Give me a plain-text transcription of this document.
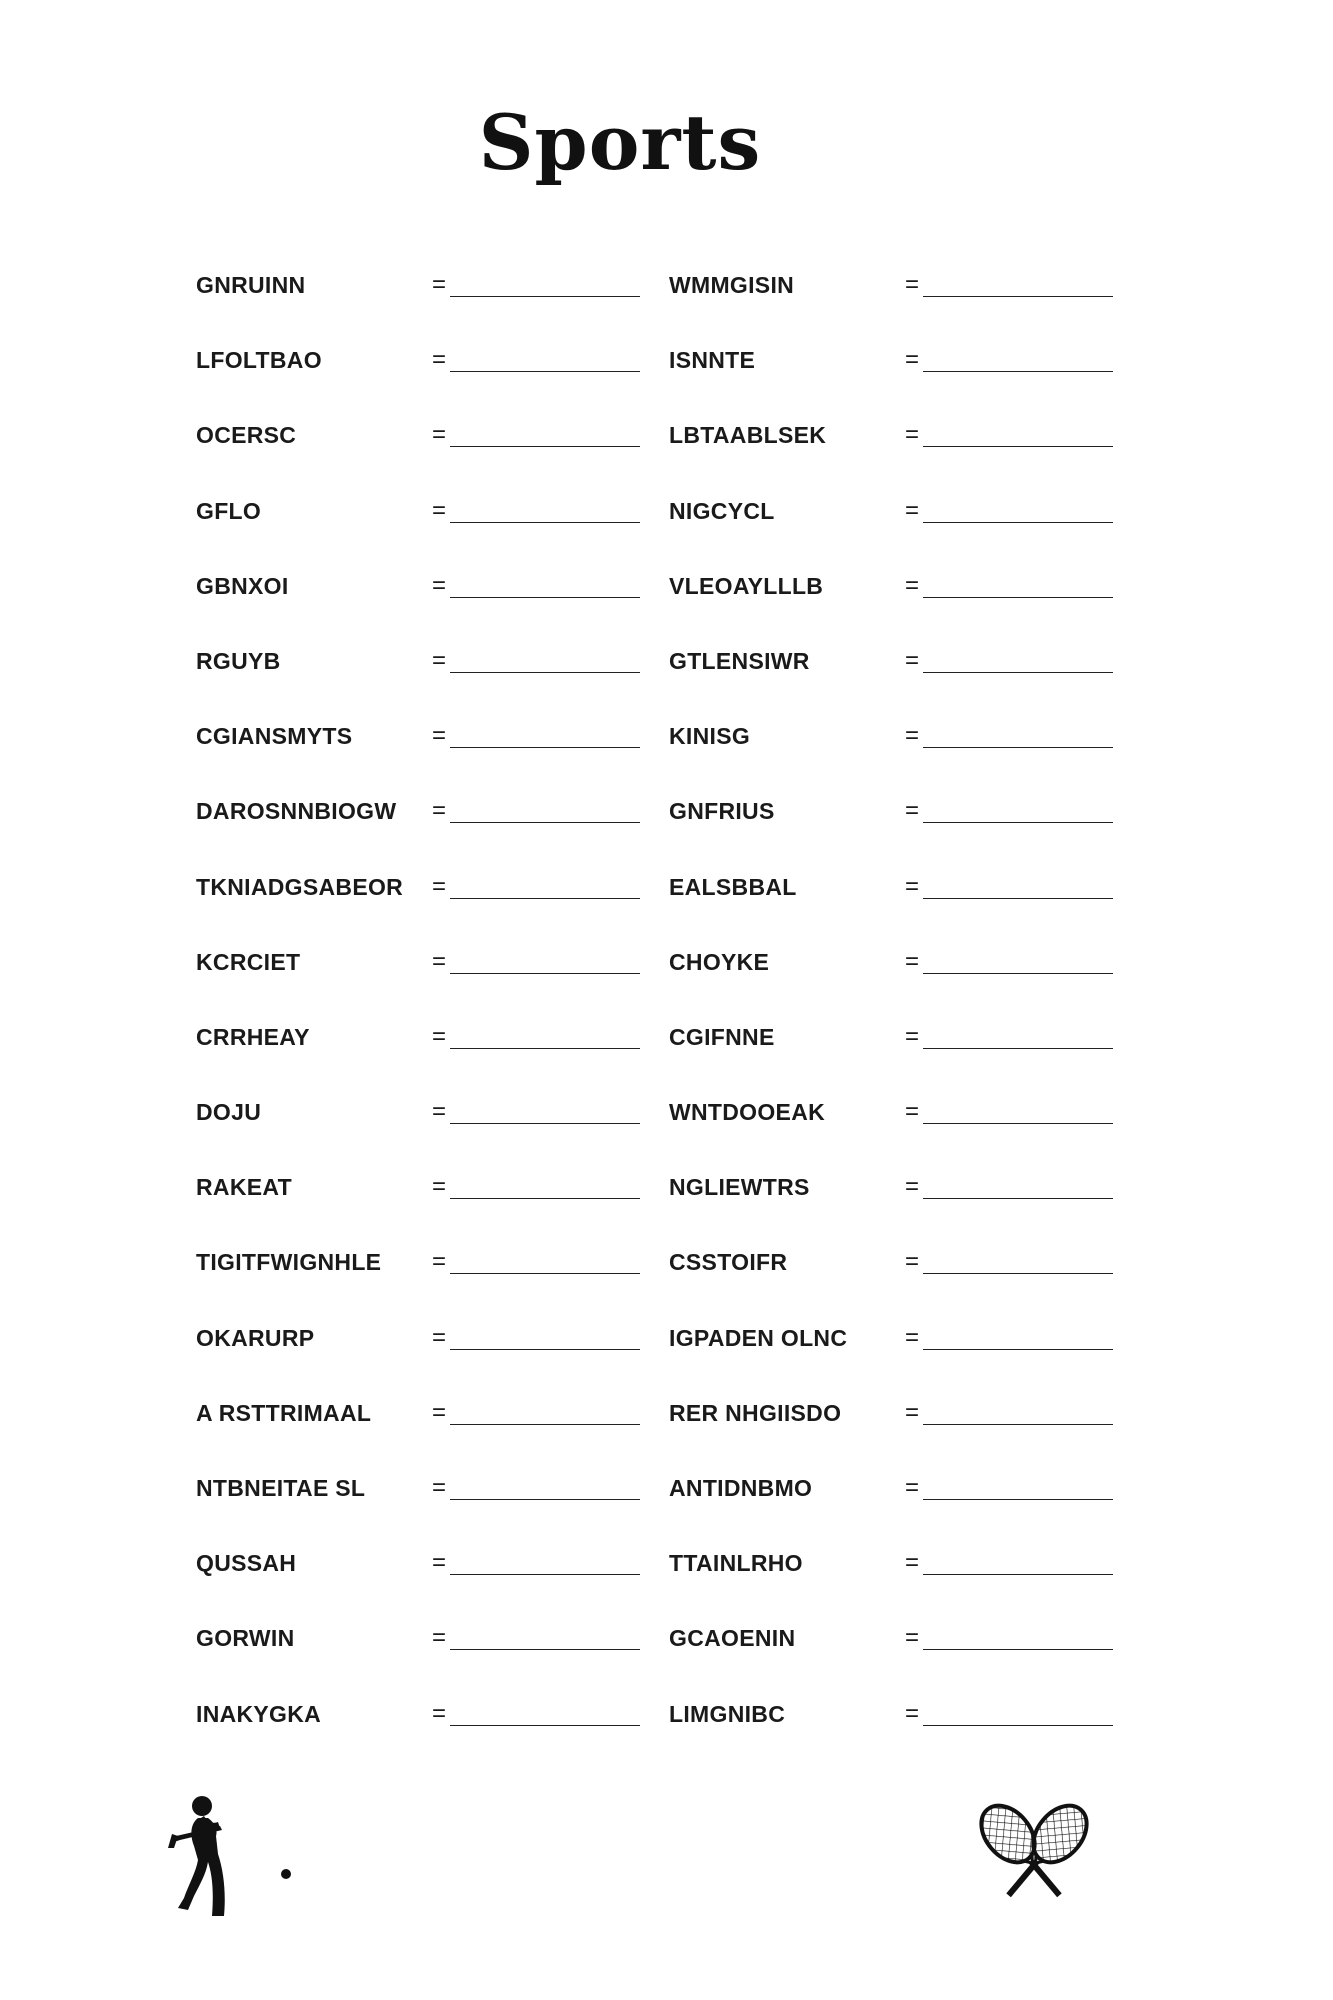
Sports
GNRUINN	=	WMMGISIN	=
LFOLTBAO	=	ISNNTE	=
OCERSC	=	LBTAABLSEK	=
GFLO	=	NIGCYCL	=
GBNXOI	=	VLEOAYLLLB	=
RGUYB	=	GTLENSIWR	=
CGIANSMYTS	=	KINISG	=
DAROSNNBIOGW =	GNFRIUS	=
TKNIADGSABEOR =	EALSBBAL	=
KCRCIET	=	CHOYKE	=
CRRHEAY	=	CGIFNNE	=
DOJU	=	WNTDOOEAK	=
RAKEAT	=	NGLIEWTRS	=
TIGITFWIGNHLE =	CSSTOIFR	=
OKARURP	=	IGPADEN OLNC =
A RSTTRIMAAL	=	RER NHGIISDO	=
NTBNEITAE SL	=	ANTIDNBMO	=
QUSSAH	=	TTAINLRHO	=
GORWIN	=	GCAOENIN	=
INAKYGKA	=	LIMGNIBC	=
